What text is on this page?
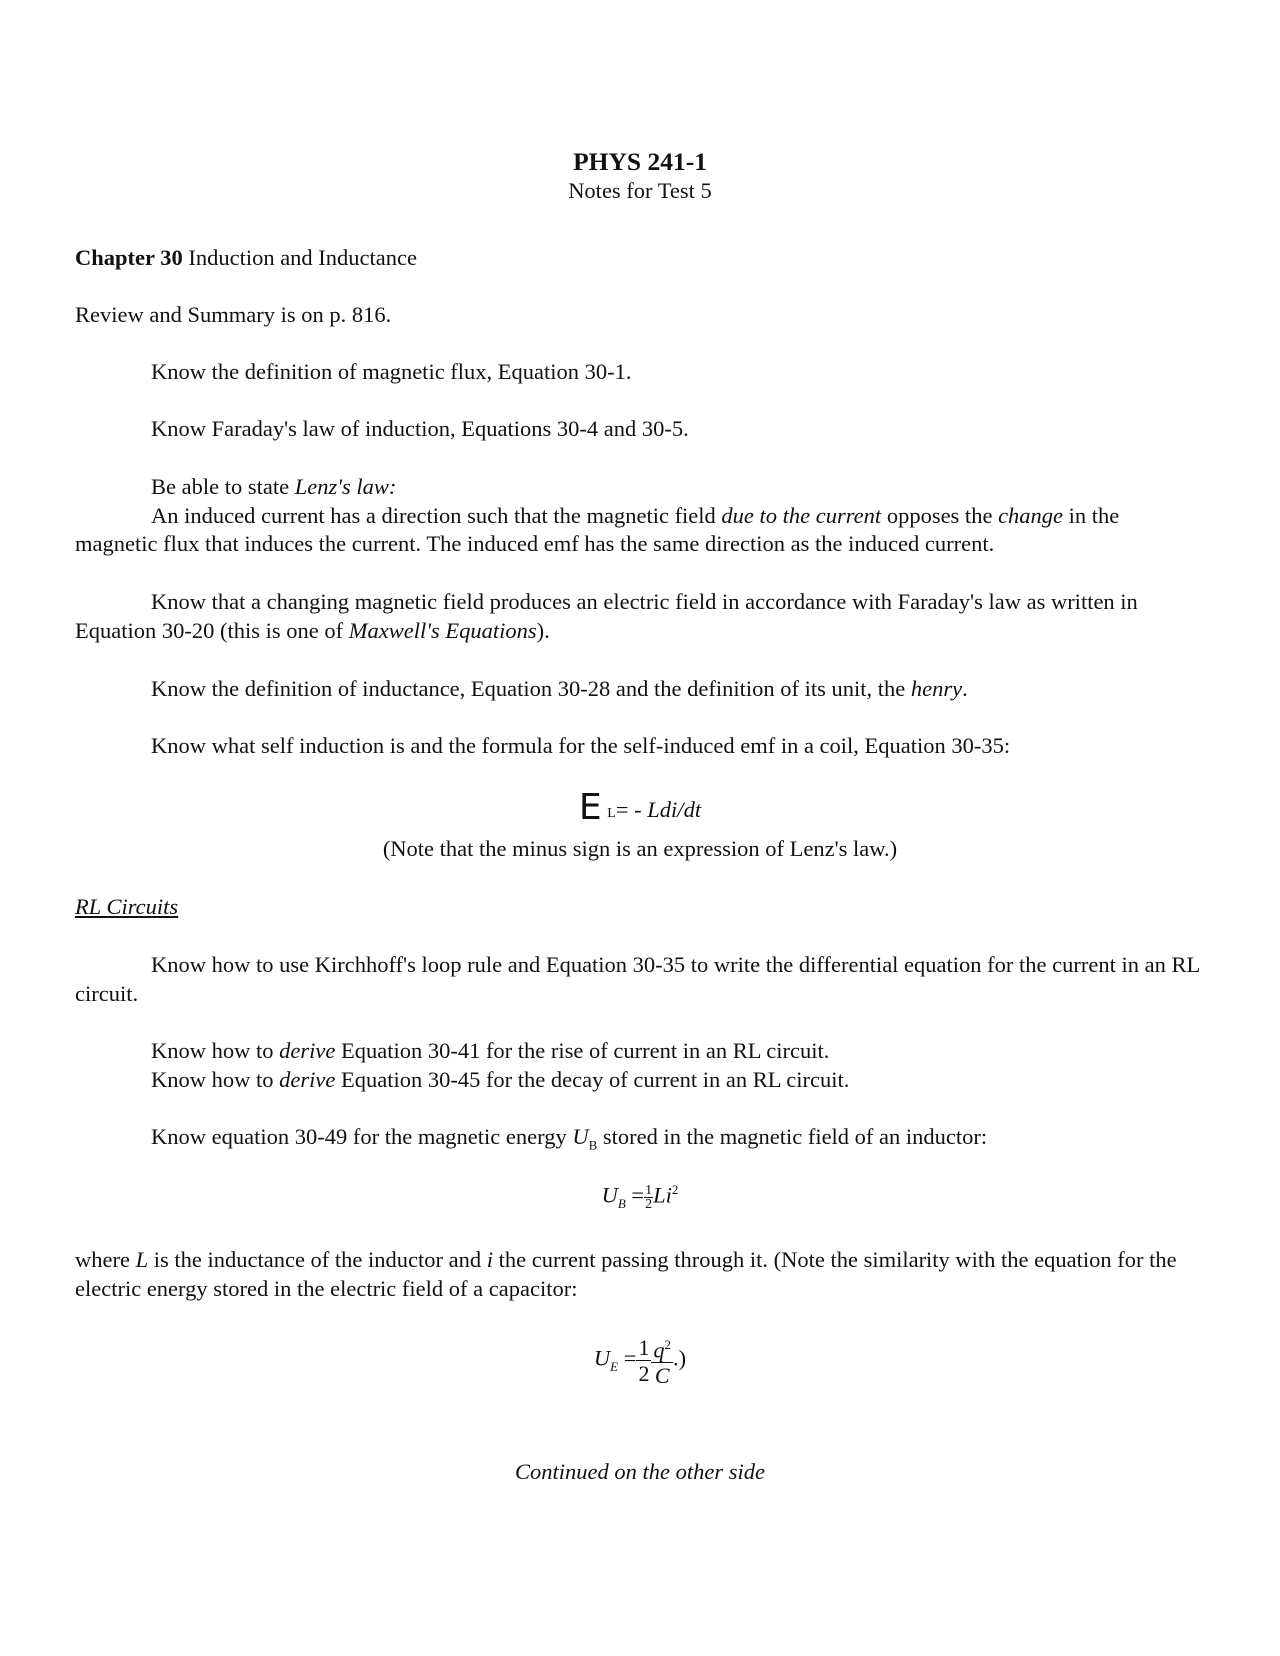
PHYS 241-1
Notes for Test 5
Chapter 30 Induction and Inductance
Review and Summary is on p. 816.
Know the definition of magnetic flux, Equation 30-1.
Know Faraday's law of induction, Equations 30-4 and 30-5.

Be able to state Lenz's law:

An induced current has a direction such that the magnetic field due to the current opposes the change in the magnetic flux that induces the current. The induced emf has the same direction as the induced current.

Know that a changing magnetic field produces an electric field in accordance with Faraday's law as written in Equation 30-20 (this is one of Maxwell's Equations).

Know the definition of inductance, Equation 30-28 and the definition of its unit, the henry.
Know what self induction is and the formula for the self-induced emf in a coil, Equation 30-35:
E L= - Ldi/dt
(Note that the minus sign is an expression of Lenz's law.)
RL Circuits

Know how to use Kirchhoff's loop rule and Equation 30-35 to write the differential equation for the current in an RL circuit.

Know how to derive Equation 30-41 for the rise of current in an RL circuit.
Know how to derive Equation 30-45 for the decay of current in an RL circuit.
Know equation 30-49 for the magnetic energy $U_B$ stored in the magnetic field of an inductor:
$U_B = \frac{1}{2} Li^2$
where L is the inductance of the inductor and i the current passing through it. (Note the similarity with the equation for the electric energy stored in the electric field of a capacitor:
$U_E = \frac{1}{2} \frac{q^2}{C}$ .)
Continued on the other side
